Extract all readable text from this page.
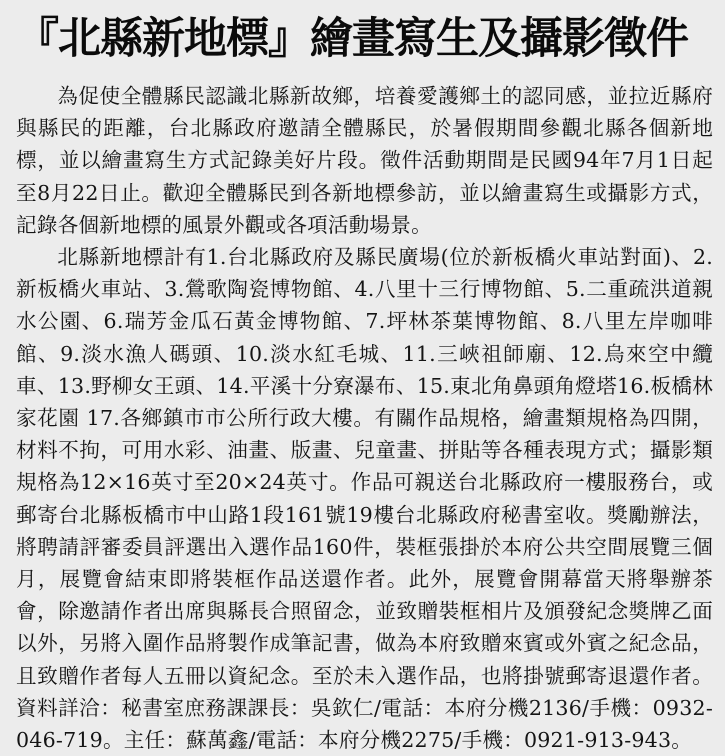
『北縣新地標』繪畫寫生及攝影徵件

為促使全體縣民認識北縣新故鄉，培養愛護鄉土的認同感，並拉近縣府與縣民的距離，台北縣政府邀請全體縣民，於暑假期間參觀北縣各個新地標，並以繪畫寫生方式記錄美好片段。徵件活動期間是民國94年7月1日起至8月22日止。歡迎全體縣民到各新地標參訪，並以繪畫寫生或攝影方式，記錄各個新地標的風景外觀或各項活動場景。

北縣新地標計有1.台北縣政府及縣民廣場(位於新板橋火車站對面)、2.新板橋火車站、3.鶯歌陶瓷博物館、4.八里十三行博物館、5.二重疏洪道親水公園、6.瑞芳金瓜石黃金博物館、7.坪林茶葉博物館、8.八里左岸咖啡館、9.淡水漁人碼頭、10.淡水紅毛城、11.三峽祖師廟、12.烏來空中纜車、13.野柳女王頭、14.平溪十分寮瀑布、15.東北角鼻頭角燈塔16.板橋林家花園 17.各鄉鎮市市公所行政大樓。有關作品規格，繪畫類規格為四開，材料不拘，可用水彩、油畫、版畫、兒童畫、拼貼等各種表現方式；攝影類規格為12×16英寸至20×24英寸。作品可親送台北縣政府一樓服務台，或郵寄台北縣板橋市中山路1段161號19樓台北縣政府秘書室收。獎勵辦法，將聘請評審委員評選出入選作品160件，裝框張掛於本府公共空間展覽三個月，展覽會結束即將裝框作品送還作者。此外，展覽會開幕當天將舉辦茶會，除邀請作者出席與縣長合照留念，並致贈裝框相片及頒發紀念獎牌乙面以外，另將入圍作品將製作成筆記書，做為本府致贈來賓或外賓之紀念品，且致贈作者每人五冊以資紀念。至於未入選作品，也將掛號郵寄退還作者。資料詳洽：秘書室庶務課課長：吳欽仁/電話：本府分機2136/手機：0932-046-719。主任：蘇萬鑫/電話：本府分機2275/手機：0921-913-943。
